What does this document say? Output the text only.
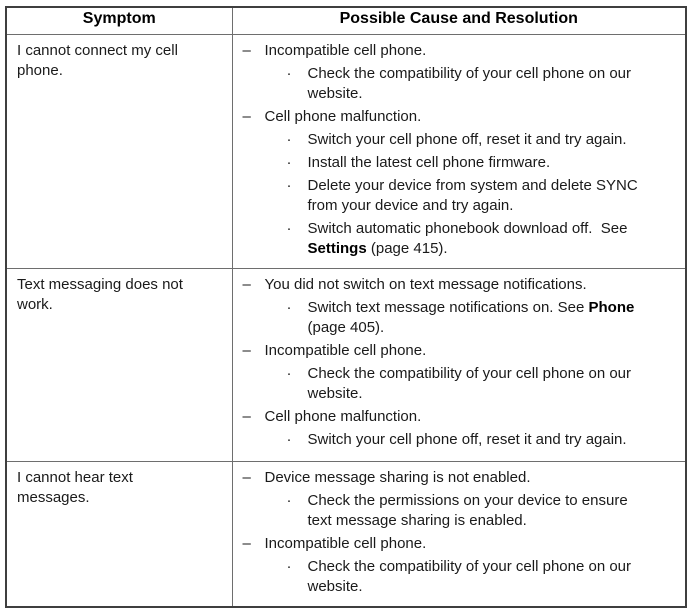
Symptom	Possible Cause and Resolution
I cannot connect my cell phone.	
– Incompatible cell phone.
·	Check the compatibility of your cell phone on our website.
– Cell phone malfunction.
·	Switch your cell phone off, reset it and try again.
·	Install the latest cell phone firmware.
·	Delete your device from system and delete SYNC from your device and try again.
·	Switch automatic phonebook download off.  See Settings (page 415).

Text messaging does not work.	
– You did not switch on text message notifications.
·	Switch text message notifications on. See Phone (page 405).
– Incompatible cell phone.
·	Check the compatibility of your cell phone on our website.
– Cell phone malfunction.
·	Switch your cell phone off, reset it and try again.

I cannot hear text messages.	
– Device message sharing is not enabled.
·	Check the permissions on your device to ensure text message sharing is enabled.
– Incompatible cell phone.
·	Check the compatibility of your cell phone on our website.
